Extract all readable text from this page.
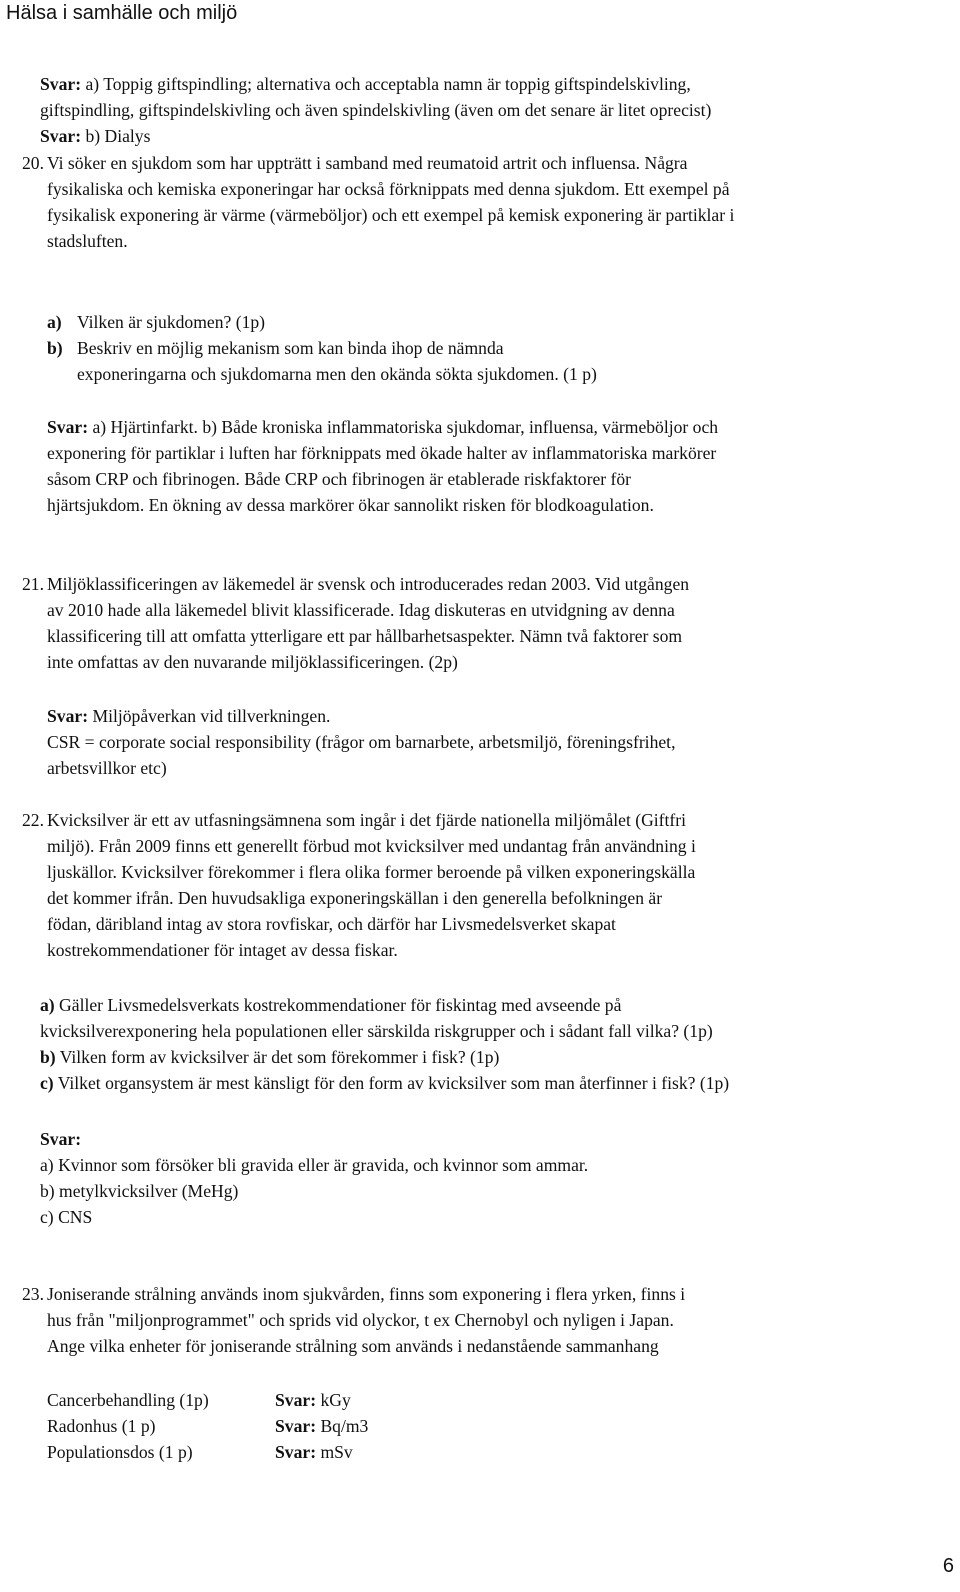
Hälsa i samhälle och miljö
Svar: a) Toppig giftspindling; alternativa och acceptabla namn är toppig giftspindelskivling,
giftspindling, giftspindelskivling och även spindelskivling (även om det senare är litet oprecist)
Svar: b) Dialys
20. Vi söker en sjukdom som har uppträtt i samband med reumatoid artrit och influensa. Några
fysikaliska och kemiska exponeringar har också förknippats med denna sjukdom. Ett exempel på
fysikalisk exponering är värme (värmeböljor) och ett exempel på kemisk exponering är partiklar i
stadsluften.
a) Vilken är sjukdomen? (1p)
b) Beskriv en möjlig mekanism som kan binda ihop de nämnda
exponeringarna och sjukdomarna men den okända sökta sjukdomen. (1 p)
Svar: a) Hjärtinfarkt. b) Både kroniska inflammatoriska sjukdomar, influensa, värmeböljor och
exponering för partiklar i luften har förknippats med ökade halter av inflammatoriska markörer
såsom CRP och fibrinogen. Både CRP och fibrinogen är etablerade riskfaktorer för
hjärtsjukdom. En ökning av dessa markörer ökar sannolikt risken för blodkoagulation.
21. Miljöklassificeringen av läkemedel är svensk och introducerades redan 2003. Vid utgången
av 2010 hade alla läkemedel blivit klassificerade. Idag diskuteras en utvidgning av denna
klassificering till att omfatta ytterligare ett par hållbarhetsaspekter. Nämn två faktorer som
inte omfattas av den nuvarande miljöklassificeringen. (2p)
Svar: Miljöpåverkan vid tillverkningen.
CSR = corporate social responsibility (frågor om barnarbete, arbetsmiljö, föreningsfrihet,
arbetsvillkor etc)
22. Kvicksilver är ett av utfasningsämnena som ingår i det fjärde nationella miljömålet (Giftfri
miljö). Från 2009 finns ett generellt förbud mot kvicksilver med undantag från användning i
ljuskällor. Kvicksilver förekommer i flera olika former beroende på vilken exponeringskälla
det kommer ifrån. Den huvudsakliga exponeringskällan i den generella befolkningen är
födan, däribland intag av stora rovfiskar, och därför har Livsmedelsverket skapat
kostrekommendationer för intaget av dessa fiskar.
a) Gäller Livsmedelsverkats kostrekommendationer för fiskintag med avseende på
kvicksilverexponering hela populationen eller särskilda riskgrupper och i sådant fall vilka? (1p)
b) Vilken form av kvicksilver är det som förekommer i fisk? (1p)
c) Vilket organsystem är mest känsligt för den form av kvicksilver som man återfinner i fisk? (1p)
Svar:
a) Kvinnor som försöker bli gravida eller är gravida, och kvinnor som ammar.
b) metylkvicksilver (MeHg)
c) CNS
23. Joniserande strålning används inom sjukvården, finns som exponering i flera yrken, finns i
hus från "miljonprogrammet" och sprids vid olyckor, t ex Chernobyl och nyligen i Japan.
Ange vilka enheter för joniserande strålning som används i nedanstående sammanhang
Cancerbehandling (1p)	Svar: kGy
Radonhus (1 p)	Svar: Bq/m3
Populationsdos (1 p)	Svar: mSv
6
